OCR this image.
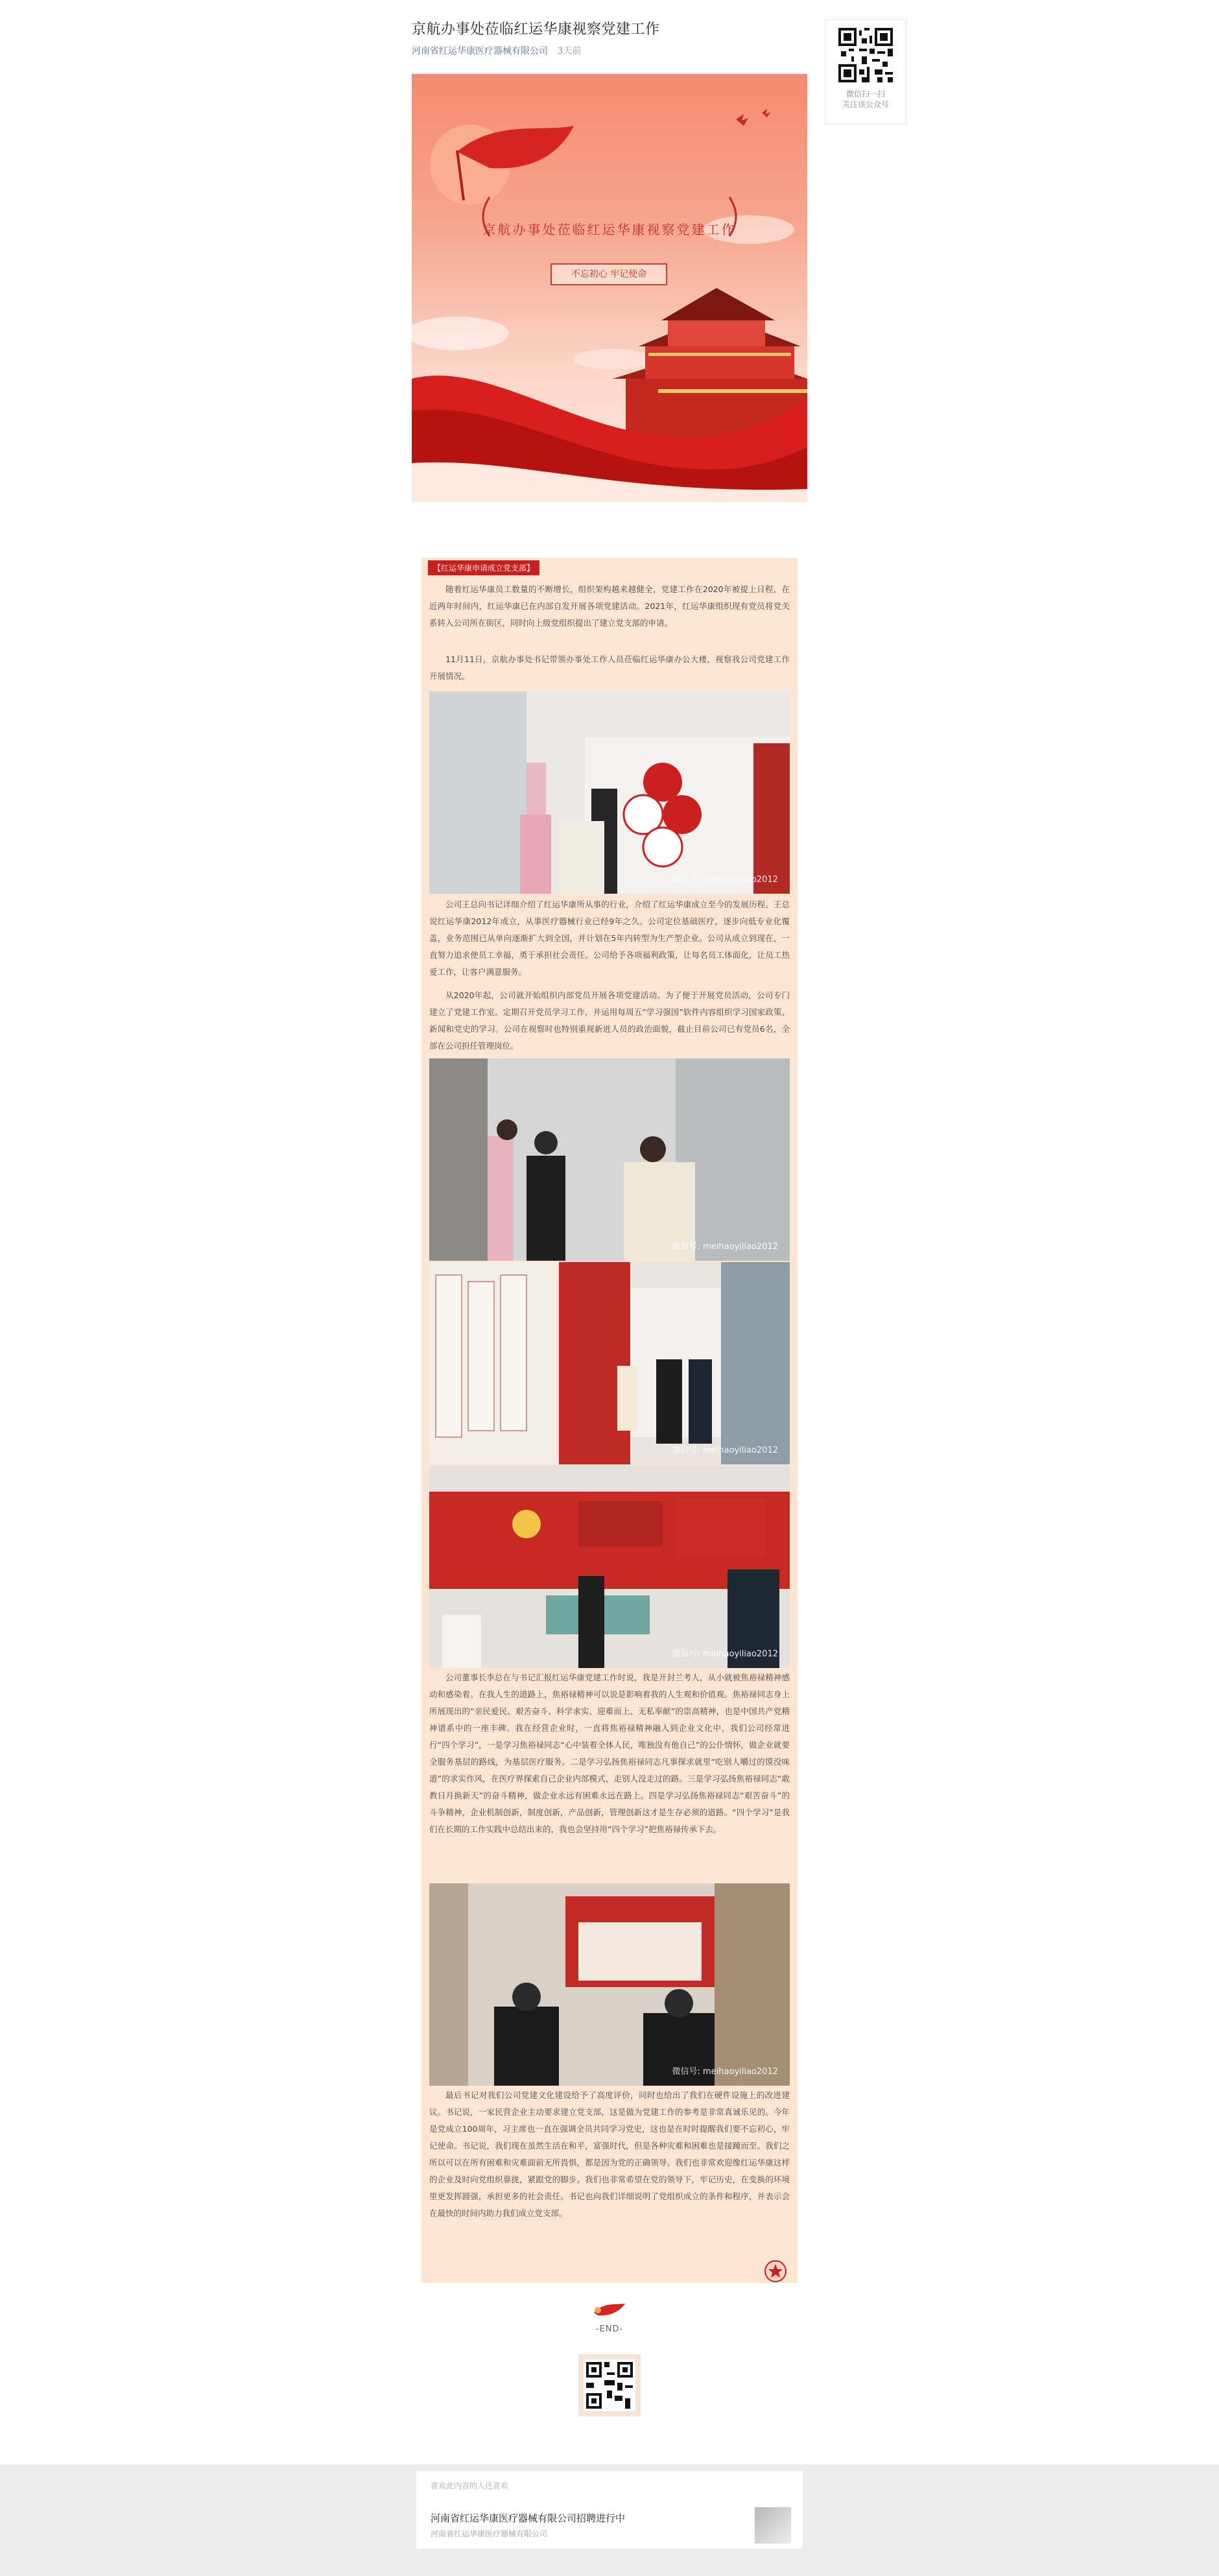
京航办事处莅临红运华康视察党建工作
河南省红运华康医疗器械有限公司 3天前
微信扫一扫
关注该公众号
京航办事处莅临红运华康视察党建工作
不忘初心 牢记使命
【红运华康申请成立党支部】
随着红运华康员工数量的不断增长，组织架构越来越健全，党建工作在2020年被提上日程，在近两年时间内，红运华康已在内部自发开展各项党建活动。2021年，红运华康组织现有党员将党关系转入公司所在街区，同时向上级党组织提出了建立党支部的申请。
11月11日，京航办事处书记带领办事处工作人员莅临红运华康办公大楼，视察我公司党建工作开展情况。
微信号: meihaoyiliao2012
公司王总向书记详细介绍了红运华康所从事的行业，介绍了红运华康成立至今的发展历程。王总说红运华康2012年成立，从事医疗器械行业已经9年之久。公司定位基础医疗，逐步向低专业化覆盖，业务范围已从单向逐渐扩大到全国，并计划在5年内转型为生产型企业。公司从成立到现在，一直努力追求使员工幸福，勇于承担社会责任。公司给予各项福利政策，让每名员工体面化，让员工热爱工作，让客户满意服务。
从2020年起，公司就开始组织内部党员开展各项党建活动。为了便于开展党员活动，公司专门建立了党建工作室。定期召开党员学习工作，并运用每周五“学习强国”软件内容组织学习国家政策、新闻和党史的学习。公司在视察时也特别重视新进人员的政治面貌，截止目前公司已有党员6名，全部在公司担任管理岗位。
微信号: meihaoyiliao2012
微信号: meihaoyiliao2012
微信号: meihaoyiliao2012
公司董事长李总在与书记汇报红运华康党建工作时说，我是开封兰考人，从小就被焦裕禄精神感动和感染着。在我人生的道路上，焦裕禄精神可以说是影响着我的人生观和价值观。焦裕禄同志身上所展现出的“亲民爱民、艰苦奋斗、科学求实、迎难而上、无私奉献”的崇高精神，也是中国共产党精神谱系中的一座丰碑。我在经营企业时，一直将焦裕禄精神融入到企业文化中，我们公司经常进行“四个学习”，一是学习焦裕禄同志“心中装着全体人民，唯独没有他自己”的公仆情怀，做企业就要全服务基层的路线，为基层医疗服务。二是学习弘扬焦裕禄同志凡事探求就里“吃别人嚼过的馍没味道”的求实作风，在医疗界探索自己企业内部模式，走别人没走过的路。三是学习弘扬焦裕禄同志“敢教日月换新天”的奋斗精神，做企业永远有困难永远在路上。四是学习弘扬焦裕禄同志“艰苦奋斗”的斗争精神，企业机制创新，制度创新，产品创新，管理创新这才是生存必须的道路。“四个学习”是我们在长期的工作实践中总结出来的，我也会坚持用“四个学习”把焦裕禄传承下去。
微信号: meihaoyiliao2012
最后书记对我们公司党建文化建设给予了高度评价，同时也给出了我们在硬件设施上的改进建议。书记说，一家民营企业主动要求建立党支部，这是做为党建工作的参考是非常真诚乐见的。今年是党成立100周年，习主席也一直在强调全员共同学习党史，这也是在时时提醒我们要不忘初心，牢记使命。书记说，我们现在虽然生活在和平，富强时代，但是各种灾难和困难也是接踵而至。我们之所以可以在所有困难和灾难面前无所畏惧，都是因为党的正确领导。我们也非常欢迎像红运华康这样的企业及时向党组织靠拢，紧跟党的脚步。我们也非常希望在党的领导下，牢记历史，在变换的环境里更发挥圆强，承担更多的社会责任。书记也向我们详细说明了党组织成立的条件和程序，并表示会在最快的时间内助力我们成立党支部。
-END-
喜欢此内容的人还喜欢
河南省红运华康医疗器械有限公司招聘进行中
河南省红运华康医疗器械有限公司
